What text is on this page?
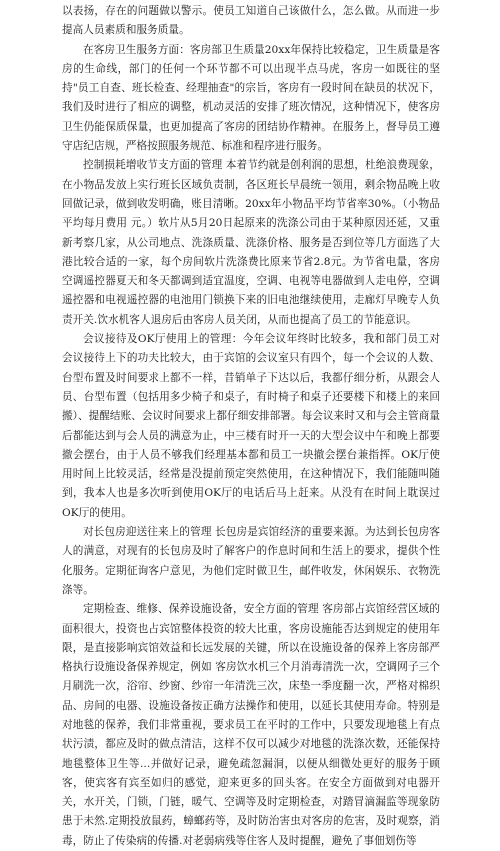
以表扬，存在的问题做以警示。使员工知道自己该做什么，怎么做。从而进一步提高人员素质和服务质量。

在客房卫生服务方面：客房部卫生质量20xx年保持比较稳定，卫生质量是客房的生命线，部门的任何一个环节都不可以出现半点马虎，客房一如既往的坚持"员工自查、班长检查、经理抽查"的宗旨，客房有一段时间在缺员的状况下，我们及时进行了相应的调整，机动灵活的安排了班次情况，这种情况下，使客房卫生仍能保质保量，也更加提高了客房的团结协作精神。在服务上，督导员工遵守店纪店规，严格按照服务规范、标准和程序进行服务。

控制损耗增收节支方面的管理 本着节约就是创利润的思想，杜绝浪费现象，在小物品发放上实行班长区域负责制，各区班长早晨统一领用，剩余物品晚上收回做记录，做到收发明确，账目清晰。20xx年小物品平均节省率30%。（小物品平均每月费用 元。）软片从5月20日起原来的洗涤公司由于某种原因还延，又重新考察几家，从公司地点、洗涤质量、洗涤价格、服务是否到位等几方面选了大港比较合适的一家，每个房间软片洗涤费比原来节省2.8元。为节省电量，客房空调遥控器夏天和冬天都调到适宜温度，空调、电视等电器做到人走电停，空调遥控器和电视遥控器的电池用门锁换下来的旧电池继续使用，走廊灯早晚专人负责开关.饮水机客人退房后由客房人员关闭，从而也提高了员工的节能意识。

会议接待及OK厅使用上的管理：今年会议年终时比较多，我和部门员工对会议接待上下的功夫比较大，由于宾馆的会议室只有四个，每一个会议的人数、台型布置及时间要求上都不一样，昔销单子下达以后，我都仔细分析，从跟会人员、台型布置（包括用多少椅子和桌子，有时椅子和桌子还要楼下和楼上的来回搬）、提醒结账、会议时间要求上都仔细安排部署。每会议来时又和与会主管商量后都能达到与会人员的满意为止，中三楼有时开一天的大型会议中午和晚上都要撤会摆台，由于人员不够我们经理基本都和员工一块撤会摆台兼指挥。OK厅使用时间上比较灵活，经常是没提前预定突然使用，在这种情况下，我们能随叫随到，我本人也是多次听到使用OK厅的电话后马上赶来。从没有在时间上耽误过OK厅的使用。

对长包房迎送往来上的管理 长包房是宾馆经济的重要来源。为达到长包房客人的满意，对现有的长包房及时了解客户的作息时间和生活上的要求，提供个性化服务。定期征询客户意见，为他们定时做卫生，邮件收发，休闲娱乐、衣物洗涤等。

定期检查、维修、保养设施设备，安全方面的管理 客房部占宾馆经营区域的面积很大，投资也占宾馆整体投资的较大比重，客房设施能否达到规定的使用年限，是直接影响宾馆效益和长远发展的关键，所以在设施设备的保养上客房部严格执行设施设备保养规定，例如 客房饮水机三个月消毒清洗一次，空调网子三个月刷洗一次，浴帘、纱窗、纱帘一年清洗三次，床垫一季度翻一次，严格对棉织品、房间的电器、设施设备按正确方法操作和使用，以延长其使用寿命。特别是对地毯的保养，我们非常重视，要求员工在平时的工作中，只要发现地毯上有点状污渍，都应及时的做点清洁，这样不仅可以减少对地毯的洗涤次数，还能保持地毯整体卫生等...并做好记录，避免疏忽漏洞，以便从细微处更好的服务于顾客，使宾客有宾至如归的感觉，迎来更多的回头客。在安全方面做到对电器开关，水开关，门锁，门链，暖气、空调等及时定期检查，对踏冒滴漏监等现象防患于未然.定期投放鼠药，蟑螂药等，及时防治害虫对客房的危害，及时观察，消毒，防止了传染病的传播.对老弱病残等住客人及时提醒，避免了事佃划伤等
